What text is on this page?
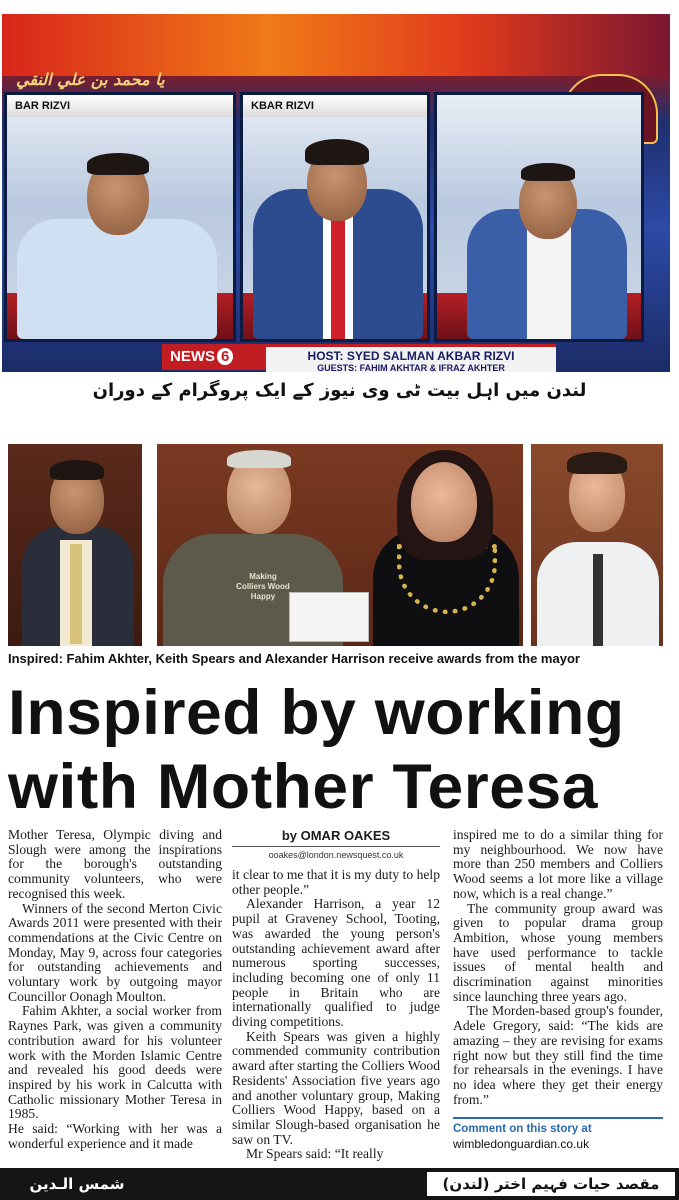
يا محمد بن علي النقي
BAR RIZVI	KBAR RIZVI
NEWS 6	HOST: SYED SALMAN AKBAR RIZVI
GUESTS: FAHIM AKHTAR & IFRAZ AKHTER
لندن میں اہل بیت ٹی وی نیوز کے ایک پروگرام کے دوران
Making
Colliers Wood
Happy
Inspired: Fahim Akhter, Keith Spears and Alexander Harrison receive awards from the mayor
Inspired by working
with Mother Teresa

Mother Teresa, Olympic diving and Slough were among the inspirations for the borough's outstanding community volunteers, who were recognised this week.

Winners of the second Merton Civic Awards 2011 were presented with their commendations at the Civic Centre on Monday, May 9, across four categories for outstanding achievements and voluntary work by outgoing mayor Councillor Oonagh Moulton.

Fahim Akhter, a social worker from Raynes Park, was given a community contribution award for his volunteer work with the Morden Islamic Centre and revealed his good deeds were inspired by his work in Calcutta with Catholic missionary Mother Teresa in 1985.

He said: “Working with her was a wonderful experience and it made

by OMAR OAKES
ooakes@london.newsquest.co.uk

it clear to me that it is my duty to help other people.”

Alexander Harrison, a year 12 pupil at Graveney School, Tooting, was awarded the young person's outstanding achievement award after numerous sporting successes, including becoming one of only 11 people in Britain who are internationally qualified to judge diving competitions.

Keith Spears was given a highly commended community contribution award after starting the Colliers Wood Residents' Association five years ago and another voluntary group, Making Colliers Wood Happy, based on a similar Slough-based organisation he saw on TV.

Mr Spears said: “It really

inspired me to do a similar thing for my neighbourhood. We now have more than 250 members and Colliers Wood seems a lot more like a village now, which is a real change.”

The community group award was given to popular drama group Ambition, whose young members have used performance to tackle issues of mental health and discrimination against minorities since launching three years ago.

The Morden-based group's founder, Adele Gregory, said: “The kids are amazing – they are revising for exams right now but they still find the time for rehearsals in the evenings. I have no idea where they get their energy from.”

Comment on this story at
wimbledonguardian.co.uk
شمس الـدین	مقصد حیات فہیم اختر (لندن)
